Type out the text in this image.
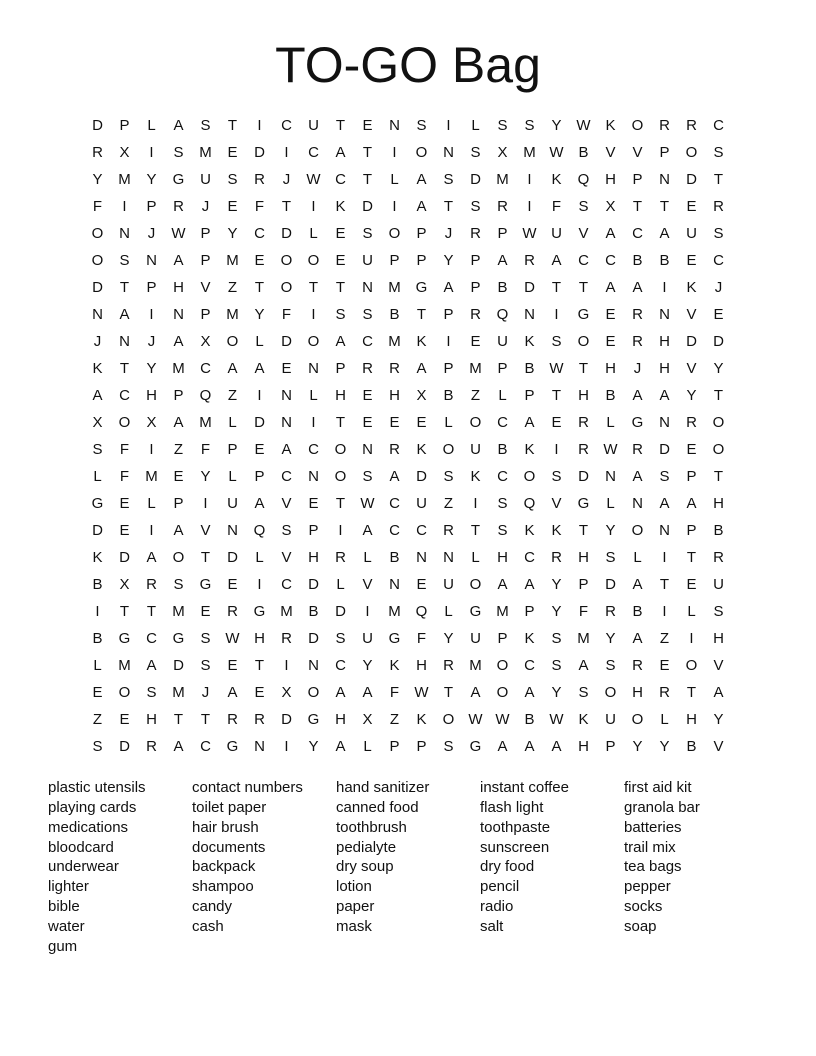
TO-GO Bag
D	P	L	A	S	T	I	C	U	T	E	N	S	I	L	S	S	Y W K	O	R	R	C
R	X	I	S	M	E	D	I	C	A	T	I	O	N	S	X	M W B	V	V	P	O	S
Y	M	Y	G	U	S	R	J	W C	T	L	A	S	D	M	I	K	Q	H	P	N	D	T
F	I	P	R	J	E	F	T	I	K	D	I	A	T	S	R	I	F	S	X	T	T	E	R
O	N	J	W P	Y	C	D	L	E	S	O	P	J	R	P W U	V	A	C	A	U	S
O	S	N	A	P	M	E	O	O	E	U	P	P	Y	P	A	R	A	C	C	B	B	E	C
D	T	P	H	V	Z	T	O	T	T	N	M G	A	P	B	D	T	T	A	A	I	K	J
N	A	I	N	P	M	Y	F	I	S	S	B	T	P	R	Q	N	I	G	E	R	N	V	E
J	N	J	A	X	O	L	D	O	A	C	M	K	I	E	U	K	S	O	E	R	H	D	D
K	T	Y	M	C	A	A	E	N	P	R	R	A	P	M	P	B W	T	H	J	H	V	Y
A	C	H	P	Q	Z	I	N	L	H	E	H	X	B	Z	L	P	T	H	B	A	A	Y	T
X	O	X	A	M	L	D	N	I	T	E	E	E	L	O	C	A	E	R	L	G	N	R	O
S	F	I	Z	F	P	E	A	C	O	N	R	K	O	U	B	K	I	R W R	D	E	O
L	F	M	E	Y	L	P	C	N	O	S	A	D	S	K	C	O	S	D	N	A	S	P	T
G	E	L	P	I	U	A	V	E	T	W C	U	Z	I	S	Q	V	G	L	N	A	A	H
D	E	I	A	V	N	Q	S	P	I	A	C	C	R	T	S	K	K	T	Y	O	N	P	B
K	D	A	O	T	D	L	V	H	R	L	B	N	N	L	H	C	R	H	S	L	I	T	R
B	X	R	S	G	E	I	C	D	L	V	N	E	U	O	A	A	Y	P	D	A	T	E	U
I	T	T	M	E	R	G M	B	D	I	M Q	L	G M	P	Y	F	R	B	I	L	S
B	G	C	G	S W H	R	D	S	U	G	F	Y	U	P	K	S	M	Y	A	Z	I	H
L	M	A	D	S	E	T	I	N	C	Y	K	H	R	M O	C	S	A	S	R	E	O	V
E	O	S	M	J	A	E	X	O	A	A	F	W	T	A	O	A	Y	S	O	H	R	T	A
Z	E	H	T	T	R	R	D	G	H	X	Z	K	O W W B W K	U	O	L	H	Y
S	D	R	A	C	G	N	I	Y	A	L	P	P	S	G	A	A	A	H	P	Y	Y	B	V
plastic utensils
playing cards
medications
bloodcard
underwear
lighter
bible
water
gum
contact numbers
toilet paper
hair brush
documents
backpack
shampoo
candy
cash
hand sanitizer
canned food
toothbrush
pedialyte
dry soup
lotion
paper
mask
instant coffee
flash light
toothpaste
sunscreen
dry food
pencil
radio
salt
first aid kit
granola bar
batteries
trail mix
tea bags
pepper
socks
soap
